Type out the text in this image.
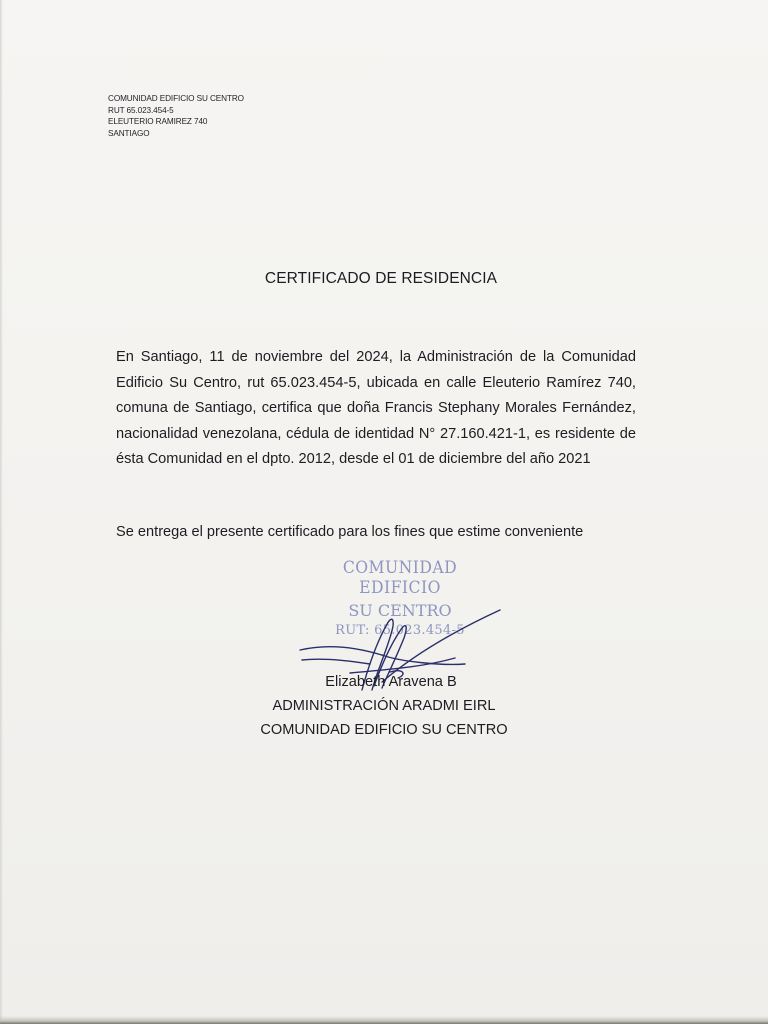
COMUNIDAD EDIFICIO SU CENTRO
RUT 65.023.454-5
ELEUTERIO RAMIREZ 740
SANTIAGO
CERTIFICADO DE RESIDENCIA
En Santiago, 11 de noviembre del 2024, la Administración de la Comunidad Edificio Su Centro, rut 65.023.454-5, ubicada en calle Eleuterio Ramírez 740, comuna de Santiago, certifica que doña Francis Stephany Morales Fernández, nacionalidad venezolana, cédula de identidad N° 27.160.421-1, es residente de ésta Comunidad en el dpto. 2012, desde el 01 de diciembre del año 2021
Se entrega el presente certificado para los fines que estime conveniente
COMUNIDAD EDIFICIO
SU CENTRO
RUT: 65.023.454-5
Elizabeth Aravena B
ADMINISTRACIÓN ARADMI EIRL
COMUNIDAD EDIFICIO SU CENTRO
